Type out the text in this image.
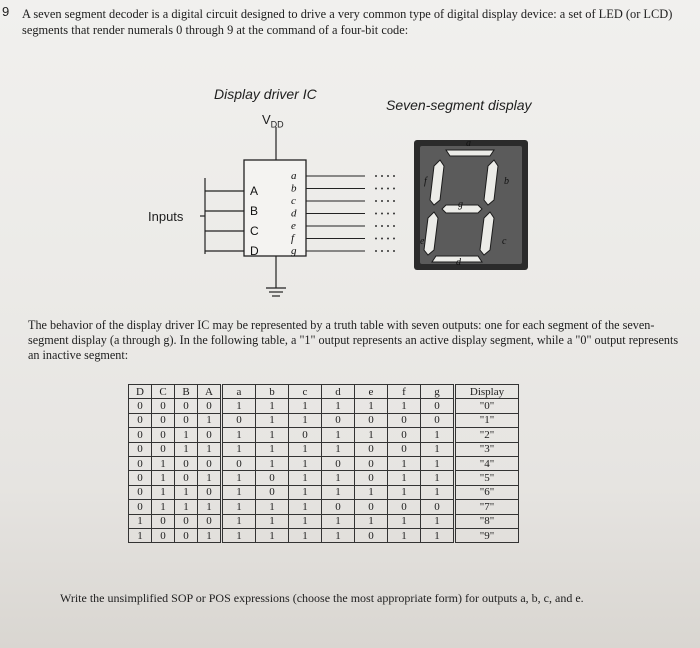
9 A seven segment decoder is a digital circuit designed to drive a very common type of digital display device: a set of LED (or LCD) segments that render numerals 0 through 9 at the command of a four-bit code:
Display driver IC
Seven-segment display
$V_{DD}$
Inputs
a
b
c
d
e
f
g
A
B
C
D
a
b
c
d
e
f
g
The behavior of the display driver IC may be represented by a truth table with seven outputs: one for each segment of the seven-segment display (a through g). In the following table, a "1" output represents an active display segment, while a "0" output represents an inactive segment:
D	C	B	A	a	b	c	d	e	f	g	Display
0	0	0	0	1	1	1	1	1	1	0	"0"
0	0	0	1	0	1	1	0	0	0	0	"1"
0	0	1	0	1	1	0	1	1	0	1	"2"
0	0	1	1	1	1	1	1	0	0	1	"3"
0	1	0	0	0	1	1	0	0	1	1	"4"
0	1	0	1	1	0	1	1	0	1	1	"5"
0	1	1	0	1	0	1	1	1	1	1	"6"
0	1	1	1	1	1	1	0	0	0	0	"7"
1	0	0	0	1	1	1	1	1	1	1	"8"
1	0	0	1	1	1	1	1	0	1	1	"9"
Write the unsimplified SOP or POS expressions (choose the most appropriate form) for outputs a, b, c, and e.
